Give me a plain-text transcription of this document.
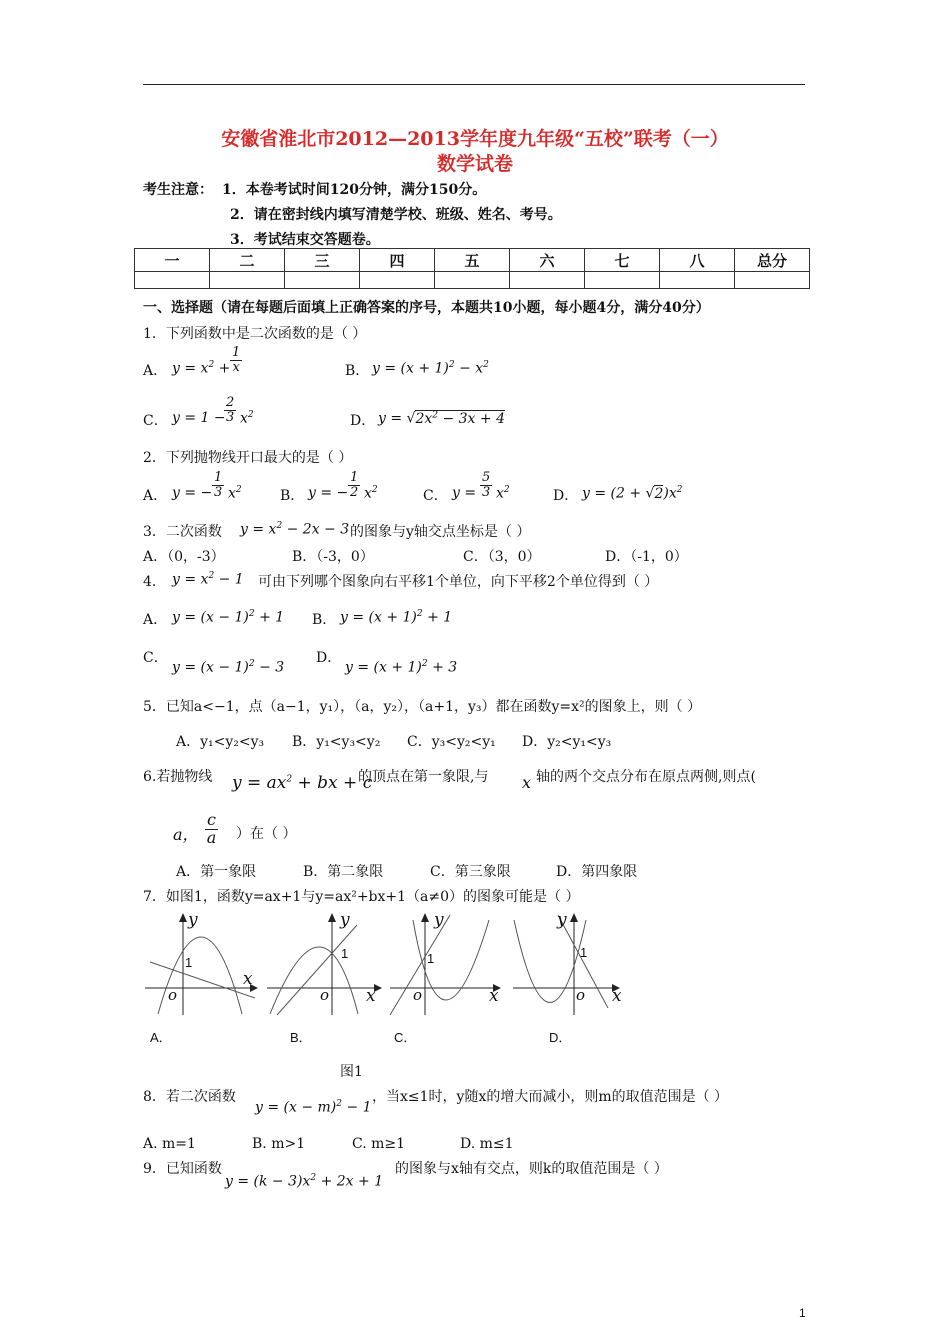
安徽省淮北市2012—2013学年度九年级“五校”联考（一）
数学试卷
考生注意： 1．本卷考试时间120分钟，满分150分。
2．请在密封线内填写清楚学校、班级、姓名、考号。
3．考试结束交答题卷。
一	二	三	四	五	六	七	八	总分

一、选择题（请在每题后面填上正确答案的序号，本题共10小题，每小题4分，满分40分）
1．下列函数中是二次函数的是（ ）
A． $y = x^2 + \frac{1}{x}$	B． $y = (x + 1)^2 - x^2$
C． y = 1 −
$\frac{2}{3} x^2$	D． $y = √2x^2 - 3x + 4$
2．下列抛物线开口最大的是（ ）
A． y = − $\frac{1}{3} x^2$	B． y = − $\frac{1}{2} x^2$	C． $y = \frac{5}{3} x^2$	D． $y = (2 + √2)x^2$
3．二次函数 $y = x^2 - 2x - 3$ 的图象与y轴交点坐标是（ ）
A．（0，-3）	B．（-3，0）	C．（3，0）	D．（-1，0）
4． $y = x^2 - 1$ 可由下列哪个图象向右平移1个单位，向下平移2个单位得到（ ）
A． $y = (x - 1)^2 + 1$ B． $y = (x + 1)^2 + 1$
C．
$y = (x - 1)^2 - 3$
D．
$y = (x + 1)^2 + 3$
5．已知a<−1，点（a−1，y₁），（a，y₂），（a+1，y₃）都在函数y=x²的图象上，则（ ）
A．y₁<y₂<y₃ B．y₁<y₃<y₂ C．y₃<y₂<y₁ D．y₂<y₁<y₃
6.若抛物线 $y = ax^2$ + bx + c
的顶点在第一象限,与 x 轴的两个交点分布在原点两侧,则点(
a， $\frac{c}{a}$ ）在（ ）
A．第一象限	B．第二象限	C．第三象限	D．第四象限
7．如图1，函数y=ax+1与y=ax²+bx+1（a≠0）的图象可能是（ ）
y
x
o
1
A．
y
x
o
1
B．
y
x
o
1
C．
y
x
o
1
D．
图1
8．若二次函数
$y = (x - m)^2 - 1$
，当x≤1时，y随x的增大而减小，则m的取值范围是（ ）
A. m=1	B. m>1	C. m≥1	D. m≤1
9．已知函数
$y = (k - 3)x^2 + 2x + 1$
的图象与x轴有交点，则k的取值范围是（ ）
1
